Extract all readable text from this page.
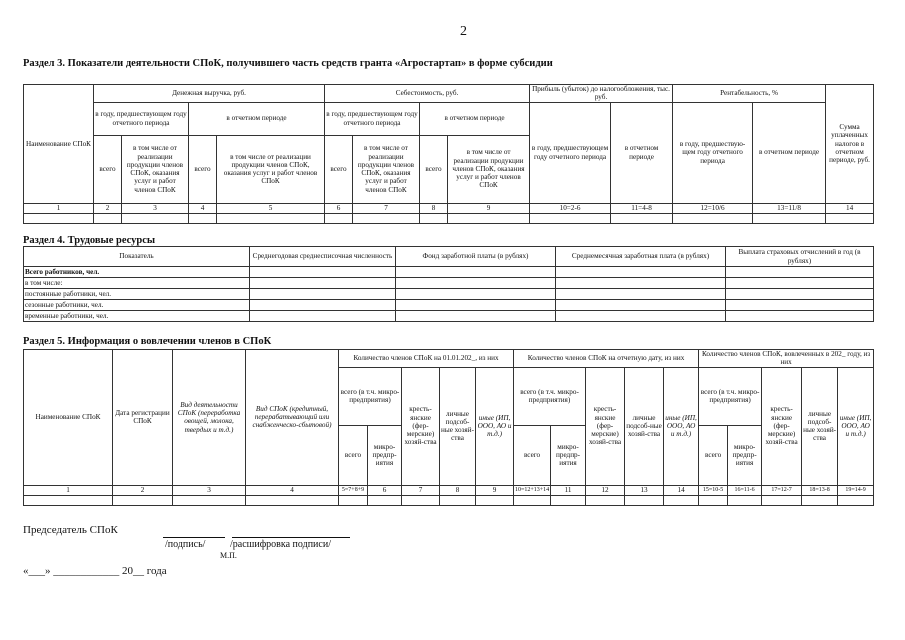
2
Раздел 3. Показатели деятельности СПоК, получившего часть средств гранта «Агростартап» в форме субсидии
Наименование СПоК	Денежная выручка, руб.				Себестоимость, руб.				Прибыль (убыток) до налогообложения, тыс. руб.		Рентабельность, %		Сумма уплаченных налогов в отчетном периоде, руб.
	в году, предшествующем году отчетного периода		в отчетном периоде		в году, предшествующем году отчетного периода		в отчетном периоде		в году, предшествующем году отчетного периода	в отчетном периоде	в году, предшествую-щем году отчетного периода	в отчетном периоде	
	всего	в том числе от реализации продукции членов СПоК, оказания услуг и работ членов СПоК	всего	в том числе от реализации продукции членов СПоК, оказания услуг и работ членов СПоК	всего	в том числе от реализации продукции членов СПоК, оказания услуг и работ членов СПоК	всего	в том числе от реализации продукции членов СПоК, оказания услуг и работ членов СПоК					
1	2	3	4	5	6	7	8	9	10=2-6	11=4-8	12=10/6	13=11/8	14

Раздел 4. Трудовые ресурсы
Показатель	Среднегодовая среднесписочная численность	Фонд заработной платы (в рублях)	Среднемесячная заработная плата (в рублях)	Выплата страховых отчислений в год (в рублях)
Всего работников, чел.				
в том числе:				
постоянные работники, чел.				
сезонные работники, чел.				
временные работники, чел.				
Раздел 5. Информация о вовлечении членов в СПоК
Наименование СПоК	Дата регистрации СПоК	Вид деятельности СПоК (переработка овощей, молока, твердых и т.д.)	Вид СПоК (кредитный, перерабатывающий или снабженческо-сбытовой)	Количество членов СПоК на 01.01.202_, из них					Количество членов СПоК на отчетную дату, из них					Количество членов СПоК, вовлеченных в 202_ году, из них				
				всего (в т.ч. микро-предприятия)		кресть-янские (фер-мерские) хозяй-ства	личные подсоб-ные хозяй-ства	иные (ИП, ООО, АО и т.д.)	всего (в т.ч. микро-предприятия)		кресть-янские (фер-мерские) хозяй-ства	личные подсоб-ные хозяй-ства	иные (ИП, ООО, АО и т.д.)	всего (в т.ч. микро-предприятия)		кресть-янские (фер-мерские) хозяй-ства	личные подсоб-ные хозяй-ства	иные (ИП, ООО, АО и т.д.)
				всего	микро-предпр-иятия				всего	микро-предпр-иятия				всего	микро-предпр-иятия			
1	2	3	4	5=7+8+9	6	7	8	9	10=12+13+14	11	12	13	14	15=10-5	16=11-6	17=12-7	18=13-8	19=14-9

Председатель СПоК
/подпись/ /расшифровка подписи/
М.П.
«___» ____________ 20__ года
